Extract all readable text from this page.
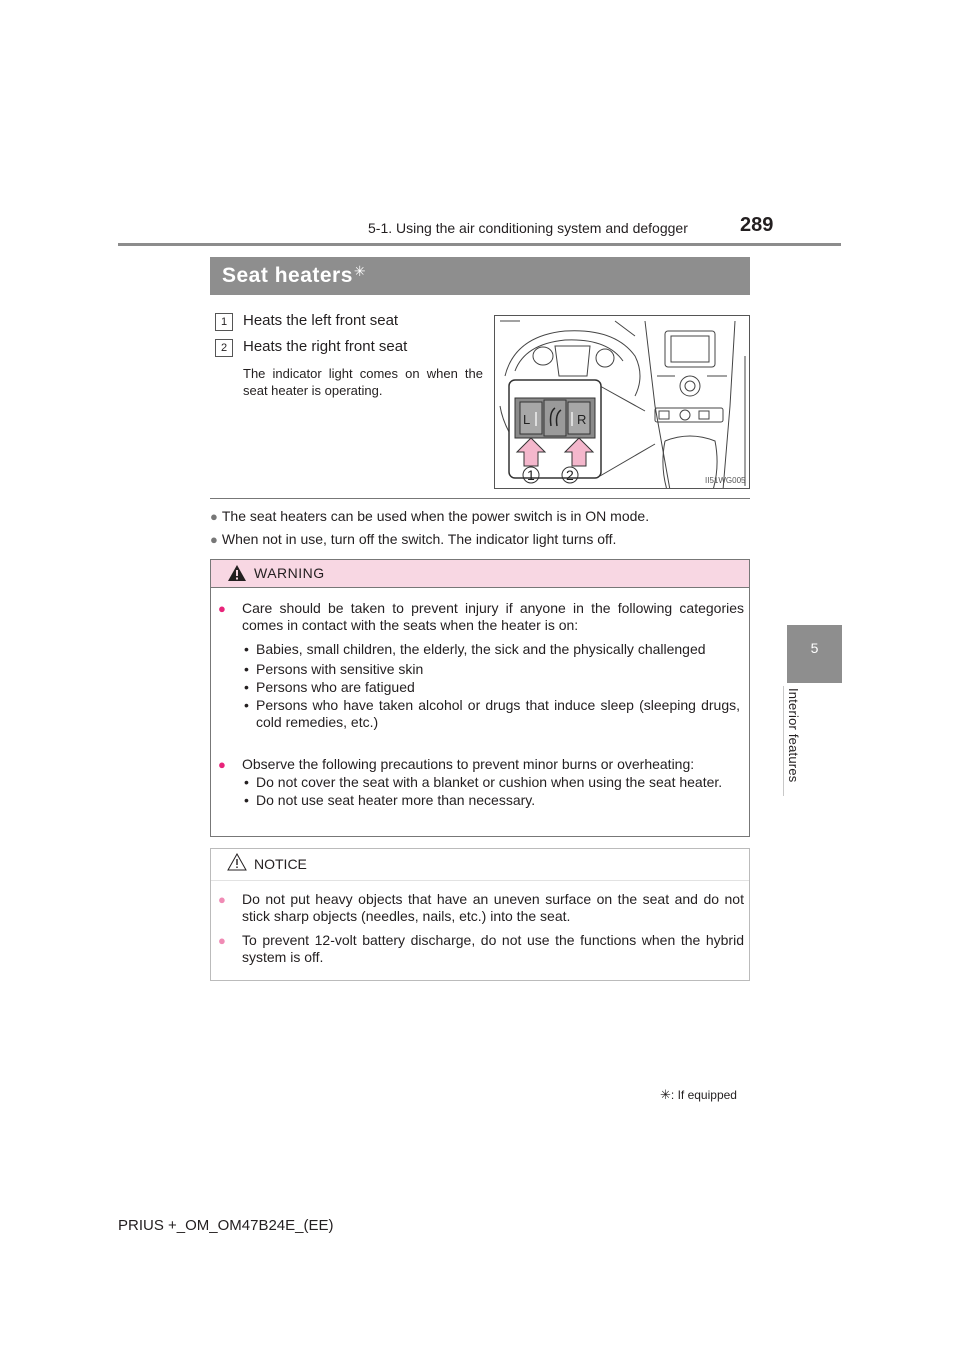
5-1. Using the air conditioning system and defogger	289
5
Interior features
Seat heaters ✳
1	Heats the left front seat
2	Heats the right front seat
The indicator light comes on when the seat heater is operating.
L	R
1 2	II51WG005
● The seat heaters can be used when the power switch is in ON mode.
● When not in use, turn off the switch. The indicator light turns off.
WARNING
●	Care should be taken to prevent injury if anyone in the following categories comes in contact with the seats when the heater is on:
• Babies, small children, the elderly, the sick and the physically challenged
• Persons with sensitive skin
• Persons who are fatigued
• Persons who have taken alcohol or drugs that induce sleep (sleeping drugs, cold remedies, etc.)
●	Observe the following precautions to prevent minor burns or overheating:
• Do not cover the seat with a blanket or cushion when using the seat heater.
• Do not use seat heater more than necessary.
NOTICE
●	Do not put heavy objects that have an uneven surface on the seat and do not stick sharp objects (needles, nails, etc.) into the seat.
●	To prevent 12-volt battery discharge, do not use the functions when the hybrid system is off.
✳: If equipped
PRIUS +_OM_OM47B24E_(EE)
